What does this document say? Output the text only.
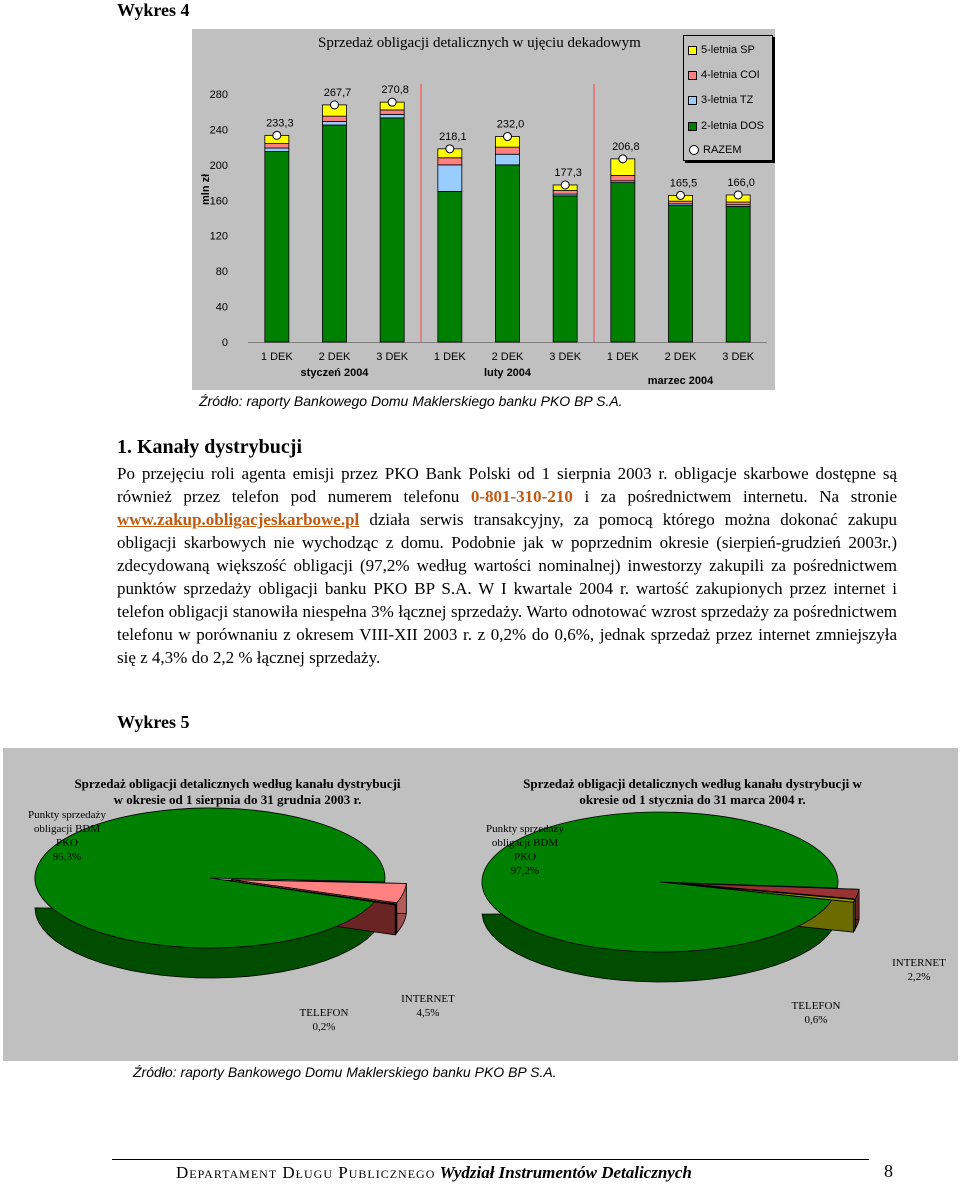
Wykres 4
Sprzedaż obligacji detalicznych w ujęciu dekadowym
mln zł
0
40
80
120
160
200
240
280
233,3
1 DEK
267,7
2 DEK
270,8
3 DEK
218,1
1 DEK
232,0
2 DEK
177,3
3 DEK
206,8
1 DEK
165,5
2 DEK
166,0
3 DEK
styczeń 2004	luty 2004
marzec 2004
5-letnia SP
4-letnia COI
3-letnia TZ
2-letnia DOS
RAZEM
Źródło: raporty Bankowego Domu Maklerskiego banku PKO BP S.A.
1. Kanały dystrybucji
Po przejęciu roli agenta emisji przez PKO Bank Polski od 1 sierpnia 2003 r. obligacje skarbowe dostępne są również przez telefon pod numerem telefonu 0-801-310-210 i za pośrednictwem internetu. Na stronie www.zakup.obligacjeskarbowe.pl działa serwis transakcyjny, za pomocą którego można dokonać zakupu obligacji skarbowych nie wychodząc z domu. Podobnie jak w poprzednim okresie (sierpień-grudzień 2003r.) zdecydowaną większość obligacji (97,2% według wartości nominalnej) inwestorzy zakupili za pośrednictwem punktów sprzedaży obligacji banku PKO BP S.A. W I kwartale 2004 r. wartość zakupionych przez internet i telefon obligacji stanowiła niespełna 3% łącznej sprzedaży. Warto odnotować wzrost sprzedaży za pośrednictwem telefonu w porównaniu z okresem VIII-XII 2003 r. z 0,2% do 0,6%, jednak sprzedaż przez internet zmniejszyła się z 4,3% do 2,2 % łącznej sprzedaży.
Wykres 5
Sprzedaż obligacji detalicznych według kanału dystrybucji w okresie od 1 sierpnia do 31 grudnia 2003 r.
Sprzedaż obligacji detalicznych według kanału dystrybucji w okresie od 1 stycznia do 31 marca 2004 r.
Punkty sprzedaży obligacji BDM PKO
95,3%
INTERNET
4,5%
TELEFON
0,2%
Punkty sprzedaży obligacji BDM PKO
97,2%
INTERNET
2,2%
TELEFON
0,6%
Źródło: raporty Bankowego Domu Maklerskiego banku PKO BP S.A.
Departament Długu Publicznego Wydział Instrumentów Detalicznych	8
